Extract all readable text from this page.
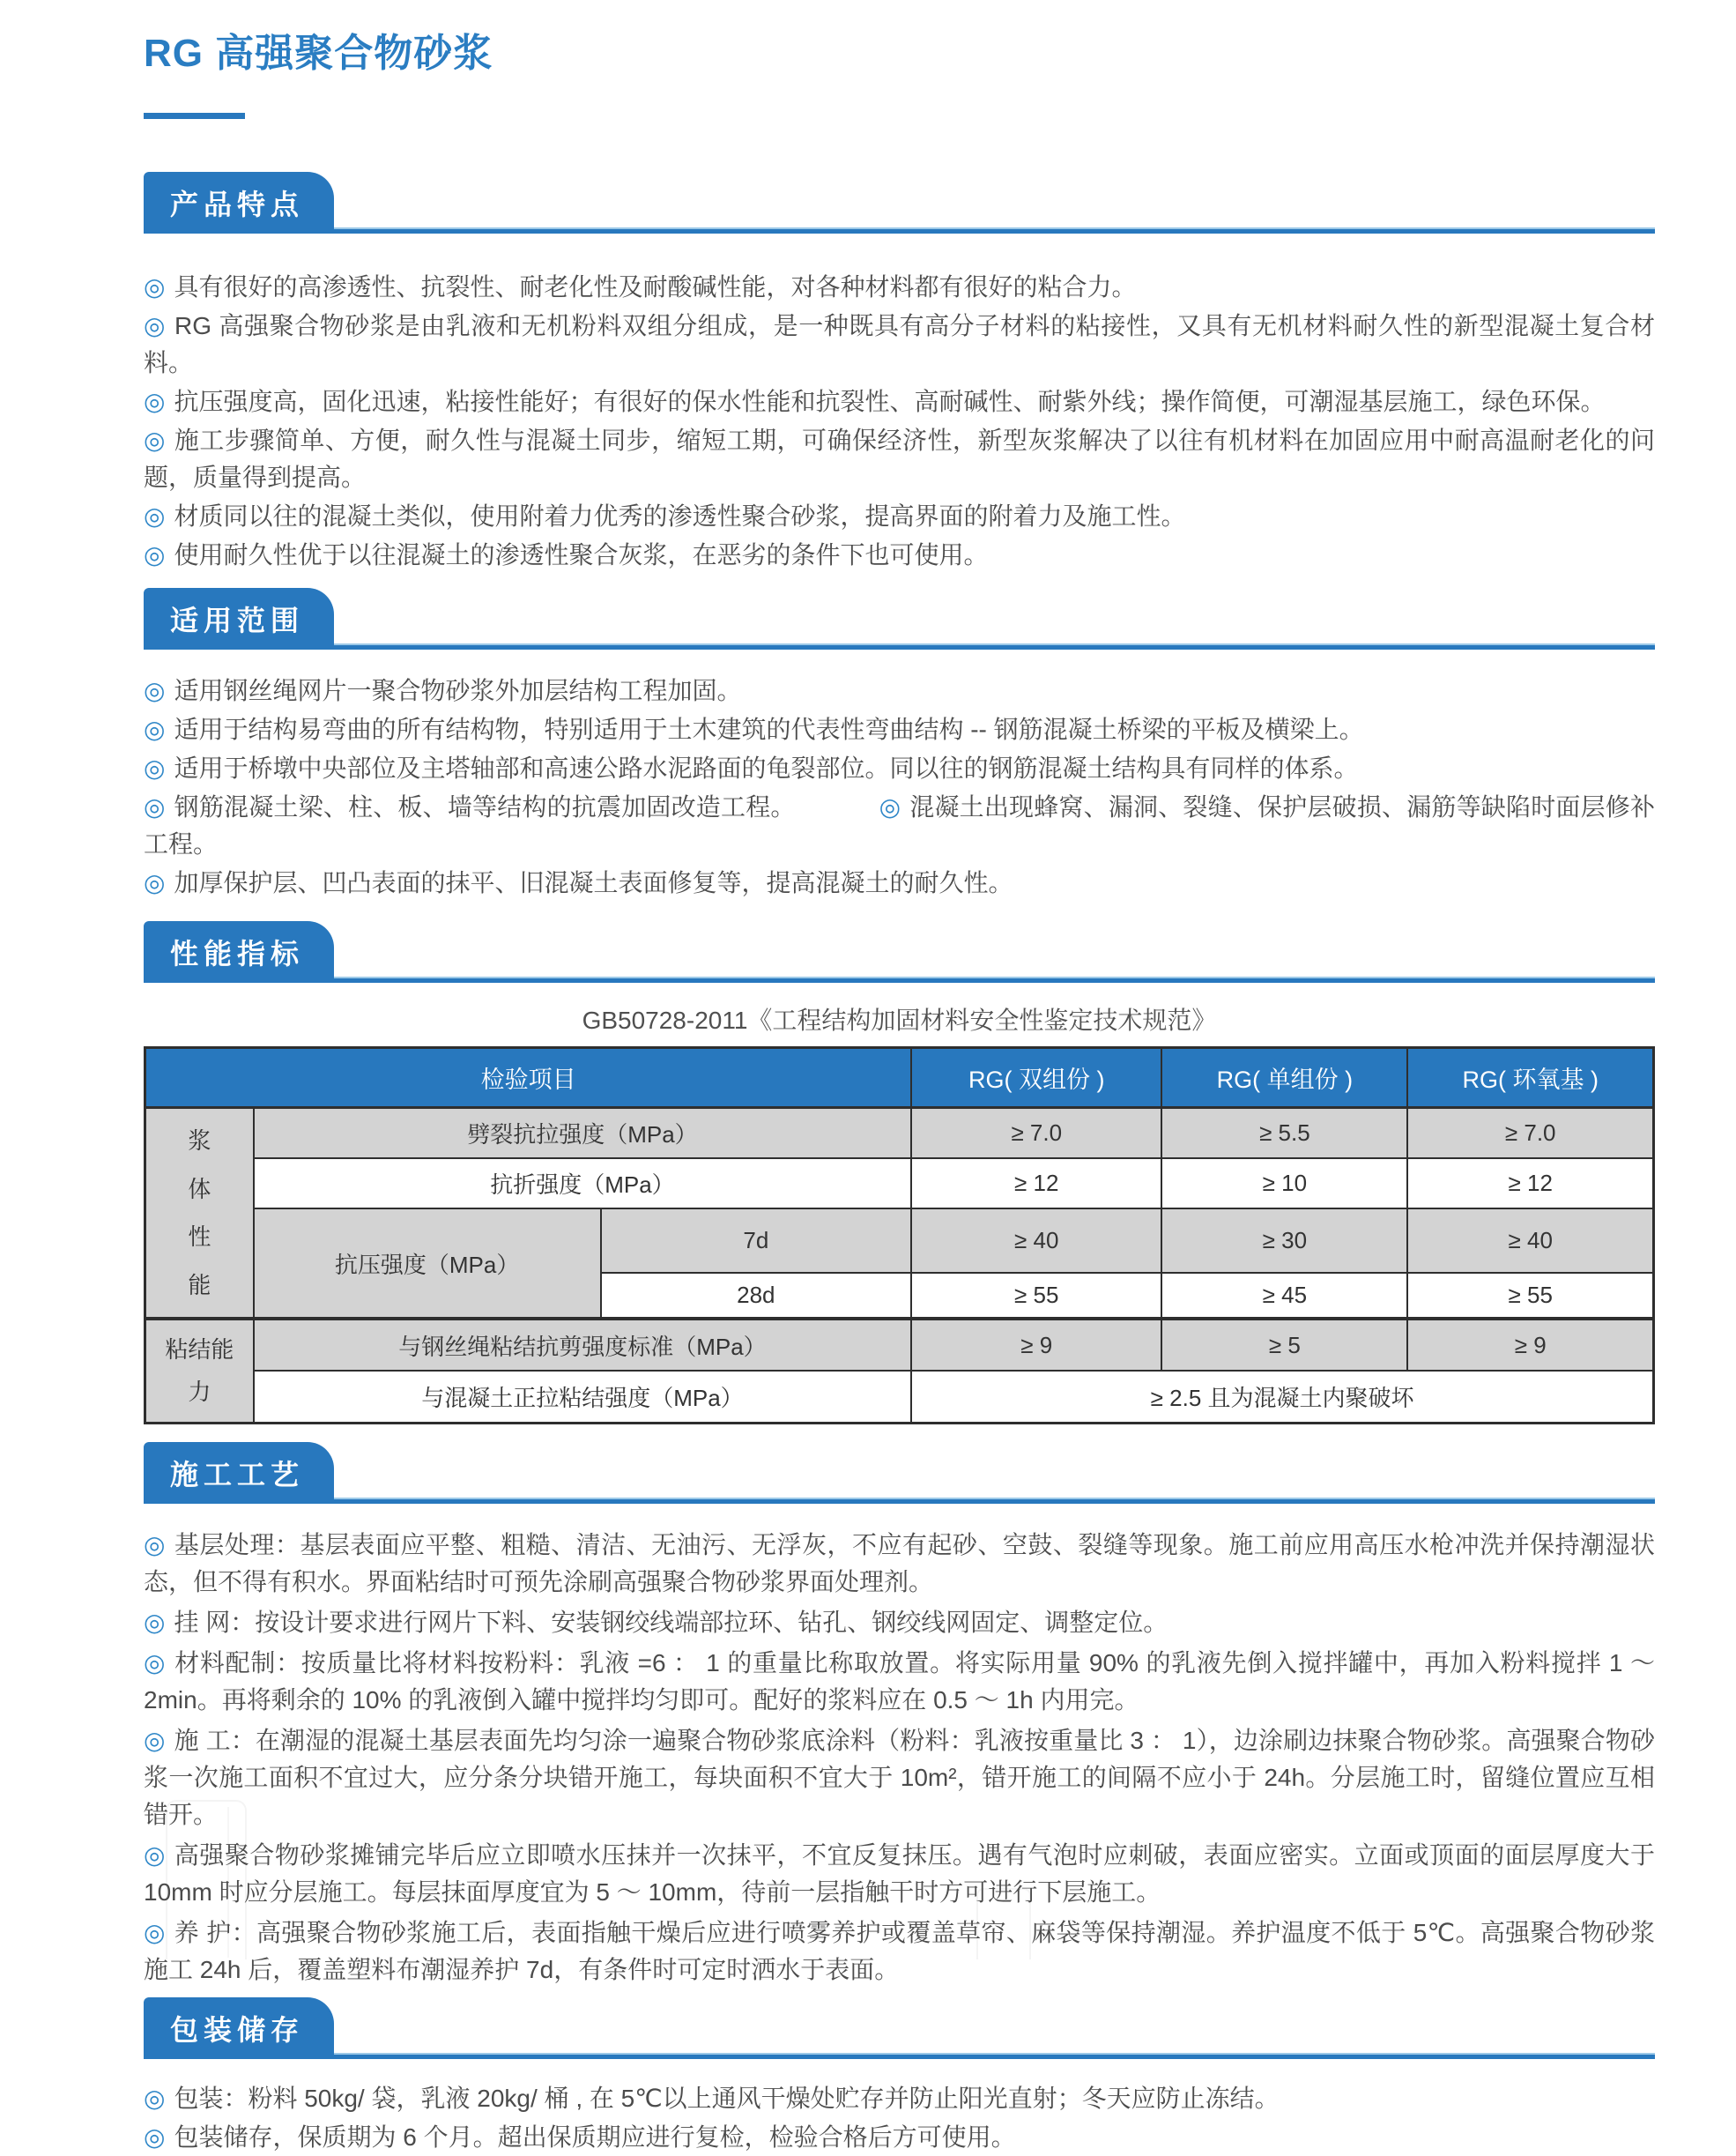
RG 高强聚合物砂浆
产品特点

◎ 具有很好的高渗透性、抗裂性、耐老化性及耐酸碱性能，对各种材料都有很好的粘合力。

◎ RG 高强聚合物砂浆是由乳液和无机粉料双组分组成，是一种既具有高分子材料的粘接性，又具有无机材料耐久性的新型混凝土复合材料。

◎ 抗压强度高，固化迅速，粘接性能好；有很好的保水性能和抗裂性、高耐碱性、耐紫外线；操作简便，可潮湿基层施工，绿色环保。

◎ 施工步骤简单、方便，耐久性与混凝土同步，缩短工期，可确保经济性，新型灰浆解决了以往有机材料在加固应用中耐高温耐老化的问题，质量得到提高。

◎ 材质同以往的混凝土类似，使用附着力优秀的渗透性聚合砂浆，提高界面的附着力及施工性。

◎ 使用耐久性优于以往混凝土的渗透性聚合灰浆，在恶劣的条件下也可使用。

适用范围

◎ 适用钢丝绳网片一聚合物砂浆外加层结构工程加固。

◎ 适用于结构易弯曲的所有结构物，特别适用于土木建筑的代表性弯曲结构 -- 钢筋混凝土桥梁的平板及横梁上。

◎ 适用于桥墩中央部位及主塔轴部和高速公路水泥路面的龟裂部位。同以往的钢筋混凝土结构具有同样的体系。

◎ 钢筋混凝土梁、柱、板、墙等结构的抗震加固改造工程。	◎ 混凝土出现蜂窝、漏洞、裂缝、保护层破损、漏筋等缺陷时面层修补工程。

◎ 加厚保护层、凹凸表面的抹平、旧混凝土表面修复等，提高混凝土的耐久性。

性能指标
GB50728-2011《工程结构加固材料安全性鉴定技术规范》
检验项目			RG( 双组份 )	RG( 单组份 )	RG( 环氧基 )
浆体性能	劈裂抗拉强度（MPa）		≥ 7.0	≥ 5.5	≥ 7.0
	抗折强度（MPa）		≥ 12	≥ 10	≥ 12
	抗压强度（MPa）	7d	≥ 40	≥ 30	≥ 40
		28d	≥ 55	≥ 45	≥ 55
粘结能力	与钢丝绳粘结抗剪强度标准（MPa）		≥ 9	≥ 5	≥ 9
	与混凝土正拉粘结强度（MPa）		≥ 2.5 且为混凝土内聚破坏		
施工工艺

◎ 基层处理：基层表面应平整、粗糙、清洁、无油污、无浮灰，不应有起砂、空鼓、裂缝等现象。施工前应用高压水枪冲洗并保持潮湿状态，但不得有积水。界面粘结时可预先涂刷高强聚合物砂浆界面处理剂。

◎ 挂 网：按设计要求进行网片下料、安装钢绞线端部拉环、钻孔、钢绞线网固定、调整定位。

◎ 材料配制：按质量比将材料按粉料：乳液 =6 ： 1 的重量比称取放置。将实际用量 90% 的乳液先倒入搅拌罐中，再加入粉料搅拌 1 ～ 2min。再将剩余的 10% 的乳液倒入罐中搅拌均匀即可。配好的浆料应在 0.5 ～ 1h 内用完。

◎ 施 工：在潮湿的混凝土基层表面先均匀涂一遍聚合物砂浆底涂料（粉料：乳液按重量比 3 ： 1），边涂刷边抹聚合物砂浆。高强聚合物砂浆一次施工面积不宜过大，应分条分块错开施工，每块面积不宜大于 10m²，错开施工的间隔不应小于 24h。分层施工时，留缝位置应互相错开。

◎ 高强聚合物砂浆摊铺完毕后应立即喷水压抹并一次抹平，不宜反复抹压。遇有气泡时应刺破，表面应密实。立面或顶面的面层厚度大于 10mm 时应分层施工。每层抹面厚度宜为 5 ～ 10mm，待前一层指触干时方可进行下层施工。

◎ 养 护：高强聚合物砂浆施工后，表面指触干燥后应进行喷雾养护或覆盖草帘、麻袋等保持潮湿。养护温度不低于 5℃。高强聚合物砂浆施工 24h 后，覆盖塑料布潮湿养护 7d，有条件时可定时洒水于表面。

包装储存

◎ 包装：粉料 50kg/ 袋，乳液 20kg/ 桶 , 在 5℃以上通风干燥处贮存并防止阳光直射；冬天应防止冻结。

◎ 包装储存，保质期为 6 个月。超出保质期应进行复检，检验合格后方可使用。
